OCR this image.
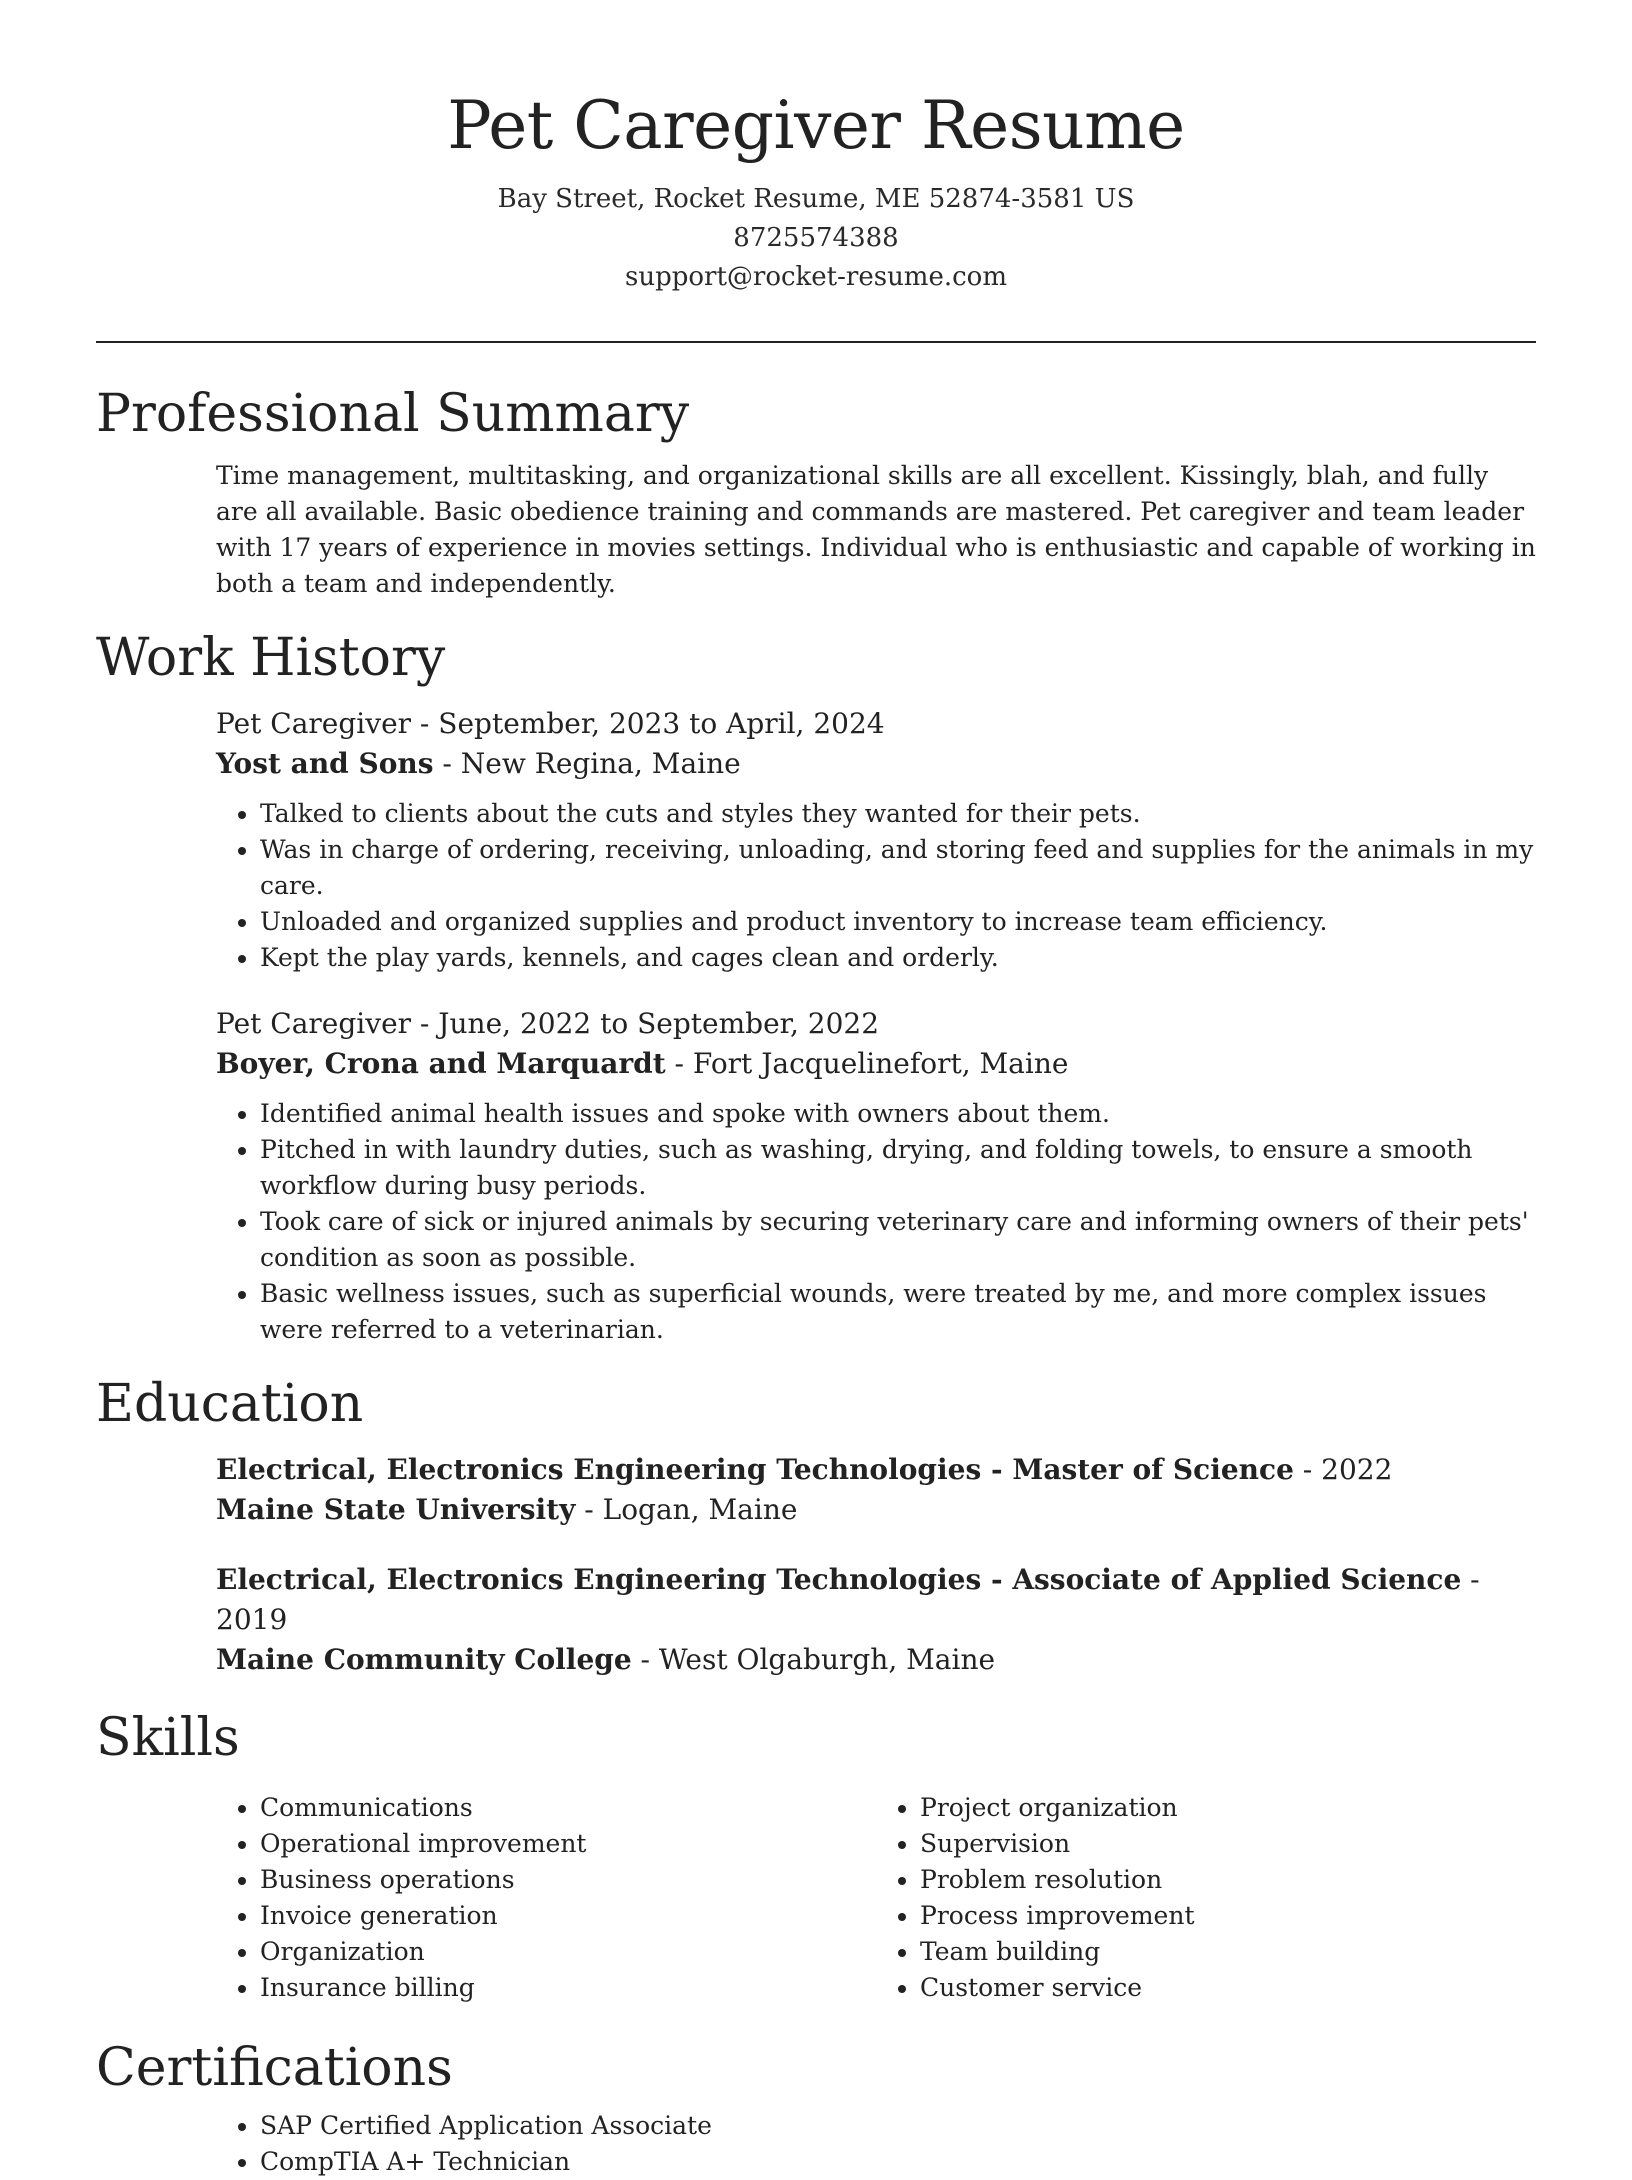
Pet Caregiver Resume
Bay Street, Rocket Resume, ME 52874-3581 US
8725574388
support@rocket-resume.com
Professional Summary

Time management, multitasking, and organizational skills are all excellent. Kissingly, blah, and fully are all available. Basic obedience training and commands are mastered. Pet caregiver and team leader with 17 years of experience in movies settings. Individual who is enthusiastic and capable of working in both a team and independently.

Work History
Pet Caregiver - September, 2023 to April, 2024
Yost and Sons - New Regina, Maine
• Talked to clients about the cuts and styles they wanted for their pets.
• Was in charge of ordering, receiving, unloading, and storing feed and supplies for the animals in my care.
• Unloaded and organized supplies and product inventory to increase team efficiency.
• Kept the play yards, kennels, and cages clean and orderly.
Pet Caregiver - June, 2022 to September, 2022
Boyer, Crona and Marquardt - Fort Jacquelinefort, Maine
• Identified animal health issues and spoke with owners about them.
• Pitched in with laundry duties, such as washing, drying, and folding towels, to ensure a smooth workflow during busy periods.
• Took care of sick or injured animals by securing veterinary care and informing owners of their pets' condition as soon as possible.
• Basic wellness issues, such as superficial wounds, were treated by me, and more complex issues were referred to a veterinarian.
Education
Electrical, Electronics Engineering Technologies - Master of Science - 2022
Maine State University - Logan, Maine
Electrical, Electronics Engineering Technologies - Associate of Applied Science - 2019
Maine Community College - West Olgaburgh, Maine
Skills
• Communications
• Operational improvement
• Business operations
• Invoice generation
• Organization
• Insurance billing
• Project organization
• Supervision
• Problem resolution
• Process improvement
• Team building
• Customer service
Certifications
• SAP Certified Application Associate
• CompTIA A+ Technician
